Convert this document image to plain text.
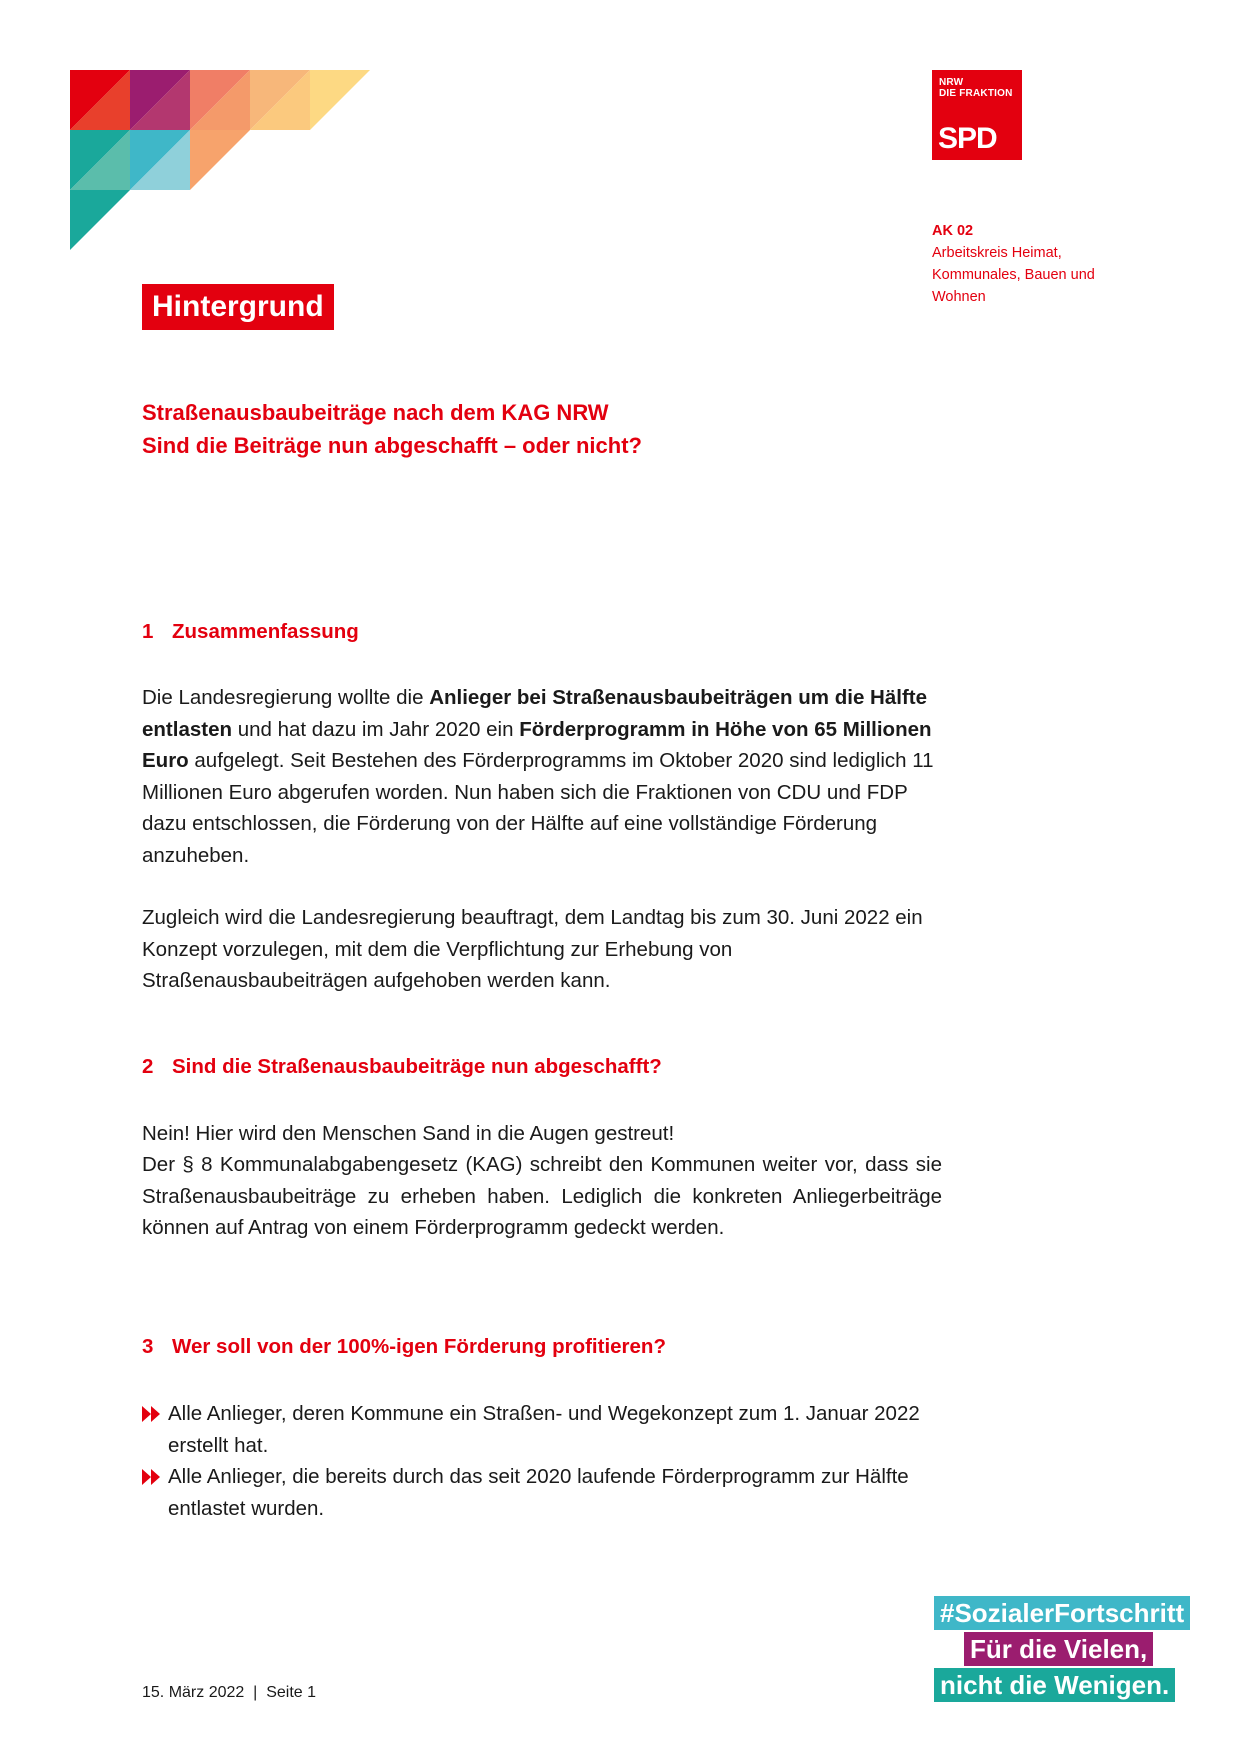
NRW
DIE FRAKTION
SPD
AK 02
Arbeitskreis Heimat,
Kommunales, Bauen und
Wohnen
Hintergrund
Straßenausbaubeiträge nach dem KAG NRW
Sind die Beiträge nun abgeschafft – oder nicht?
1 Zusammenfassung
Die Landesregierung wollte die Anlieger bei Straßenausbaubeiträgen um die Hälfte entlasten und hat dazu im Jahr 2020 ein Förderprogramm in Höhe von 65 Millionen Euro aufgelegt. Seit Bestehen des Förderprogramms im Oktober 2020 sind lediglich 11 Millionen Euro abgerufen worden. Nun haben sich die Fraktionen von CDU und FDP dazu entschlossen, die Förderung von der Hälfte auf eine vollständige Förderung anzuheben.
Zugleich wird die Landesregierung beauftragt, dem Landtag bis zum 30. Juni 2022 ein Konzept vorzulegen, mit dem die Verpflichtung zur Erhebung von Straßenausbaubeiträgen aufgehoben werden kann.
2 Sind die Straßenausbaubeiträge nun abgeschafft?
Nein! Hier wird den Menschen Sand in die Augen gestreut!
Der § 8 Kommunalabgabengesetz (KAG) schreibt den Kommunen weiter vor, dass sie Straßenausbaubeiträge zu erheben haben. Lediglich die konkreten Anliegerbeiträge können auf Antrag von einem Förderprogramm gedeckt werden.
3 Wer soll von der 100%-igen Förderung profitieren?
Alle Anlieger, deren Kommune ein Straßen- und Wegekonzept zum 1. Januar 2022 erstellt hat.
Alle Anlieger, die bereits durch das seit 2020 laufende Förderprogramm zur Hälfte entlastet wurden.
#SozialerFortschritt
Für die Vielen,
nicht die Wenigen.
15. März 2022  |  Seite 1
